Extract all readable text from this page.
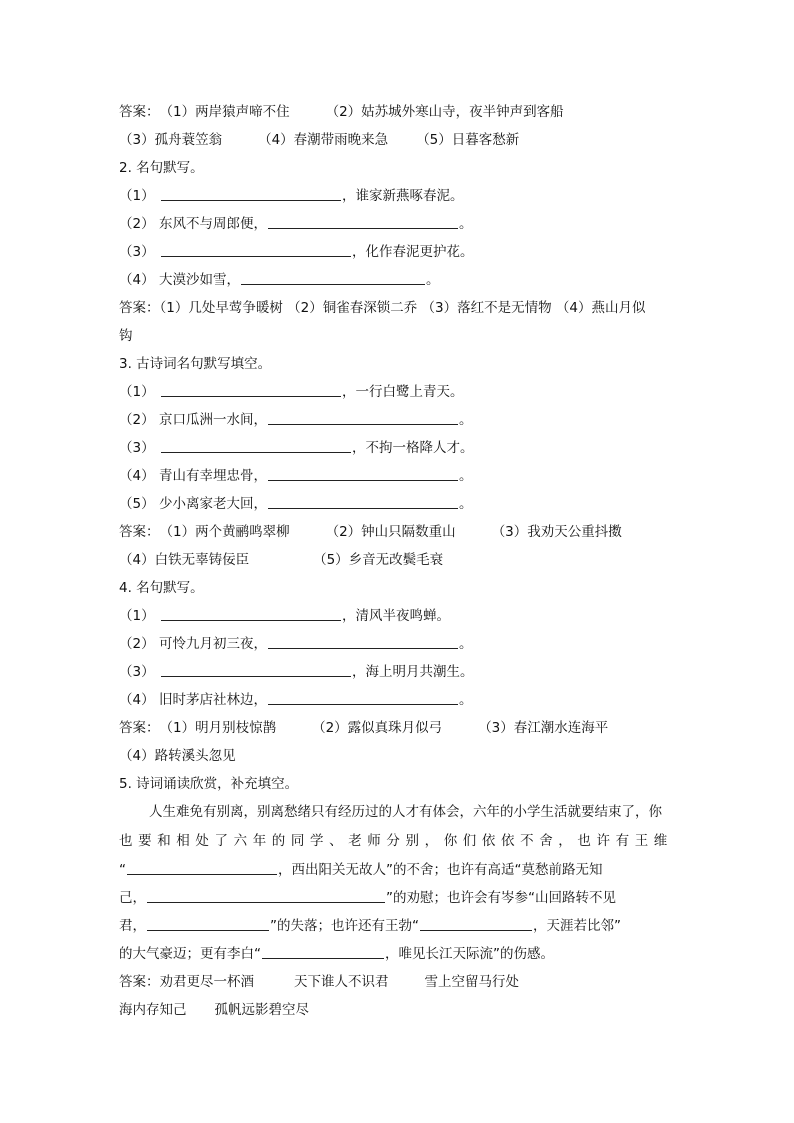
答案：（1）两岸猿声啼不住	（2）姑苏城外寒山寺，夜半钟声到客船
（3）孤舟蓑笠翁	（4）春潮带雨晚来急 （5）日暮客愁新
2. 名句默写。
（1）	，谁家新燕啄春泥。
（2） 东风不与周郎便，	。
（3）	，化作春泥更护花。
（4） 大漠沙如雪，	。
答案：（1）几处早莺争暖树 （2）铜雀春深锁二乔 （3）落红不是无情物 （4）燕山月似
钩
3. 古诗词名句默写填空。
（1）	，一行白鹭上青天。
（2） 京口瓜洲一水间，	。
（3）	，不拘一格降人才。
（4） 青山有幸埋忠骨，	。
（5） 少小离家老大回，	。
答案：（1）两个黄鹂鸣翠柳	（2）钟山只隔数重山	（3）我劝天公重抖擞
（4）白铁无辜铸佞臣	（5）乡音无改鬓毛衰
4. 名句默写。
（1）	，清风半夜鸣蝉。
（2） 可怜九月初三夜，	。
（3）	，海上明月共潮生。
（4） 旧时茅店社林边，	。
答案：（1）明月别枝惊鹊	（2）露似真珠月似弓	（3）春江潮水连海平
（4）路转溪头忽见
5. 诗词诵读欣赏，补充填空。
人生难免有别离，别离愁绪只有经历过的人才有体会，六年的小学生活就要结束了，你
也要和相处了六年的同学、老师分别，你们依依不舍，也许有王维
“	，西出阳关无故人”的不舍；也许有高适“莫愁前路无知
己，	”的劝慰；也许会有岑参“山回路转不见
君，	”的失落；也许还有王勃“	，天涯若比邻”
的大气豪迈；更有李白“	，唯见长江天际流”的伤感。
答案：劝君更尽一杯酒	天下谁人不识君	雪上空留马行处
海内存知己 孤帆远影碧空尽
